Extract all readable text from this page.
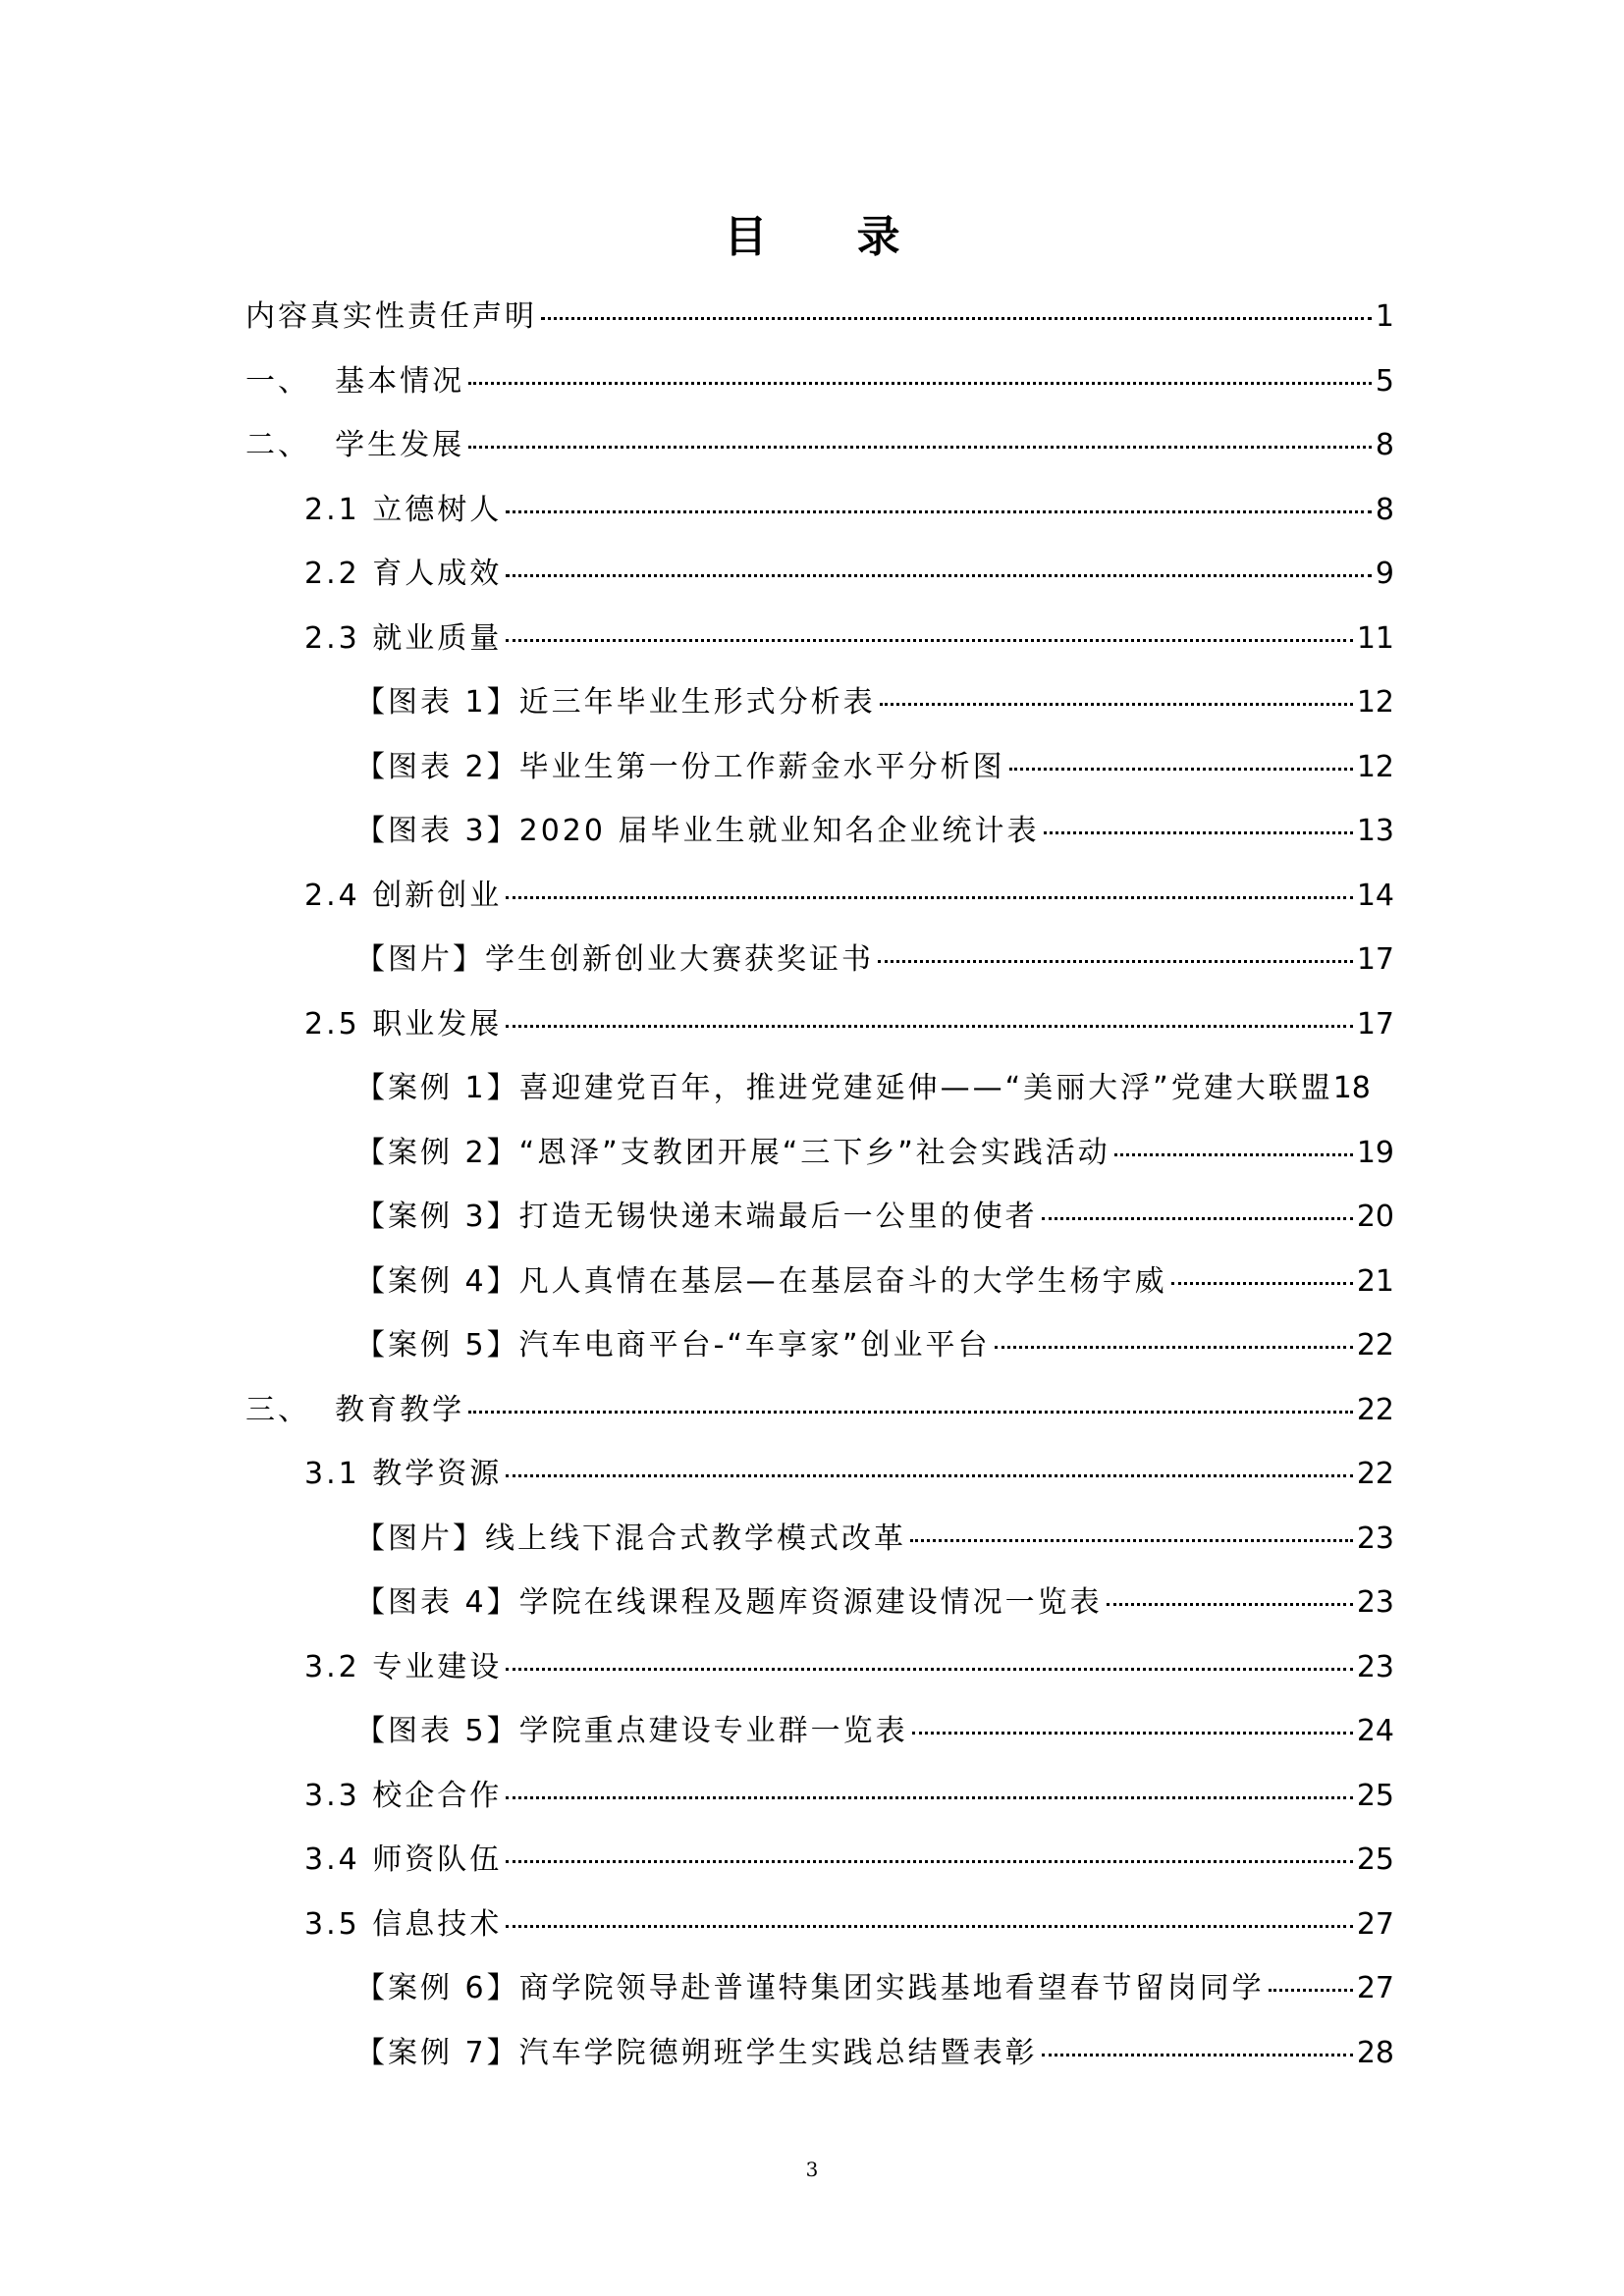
目 录
内容真实性责任声明	1
一、  基本情况	5
二、  学生发展	8
2.1 立德树人	8
2.2 育人成效	9
2.3 就业质量	11
【图表 1】近三年毕业生形式分析表	12
【图表 2】毕业生第一份工作薪金水平分析图	12
【图表 3】2020 届毕业生就业知名企业统计表	13
2.4 创新创业	14
【图片】学生创新创业大赛获奖证书	17
2.5 职业发展	17
【案例 1】喜迎建党百年，推进党建延伸——“美丽大浮”党建大联盟 18
【案例 2】“恩泽”支教团开展“三下乡”社会实践活动	19
【案例 3】打造无锡快递末端最后一公里的使者	20
【案例 4】凡人真情在基层—在基层奋斗的大学生杨宇威	21
【案例 5】汽车电商平台-“车享家”创业平台	22
三、  教育教学	22
3.1 教学资源	22
【图片】线上线下混合式教学模式改革	23
【图表 4】学院在线课程及题库资源建设情况一览表	23
3.2 专业建设	23
【图表 5】学院重点建设专业群一览表	24
3.3 校企合作	25
3.4 师资队伍	25
3.5 信息技术	27
【案例 6】商学院领导赴普谨特集团实践基地看望春节留岗同学	27
【案例 7】汽车学院德朔班学生实践总结暨表彰	28
3
